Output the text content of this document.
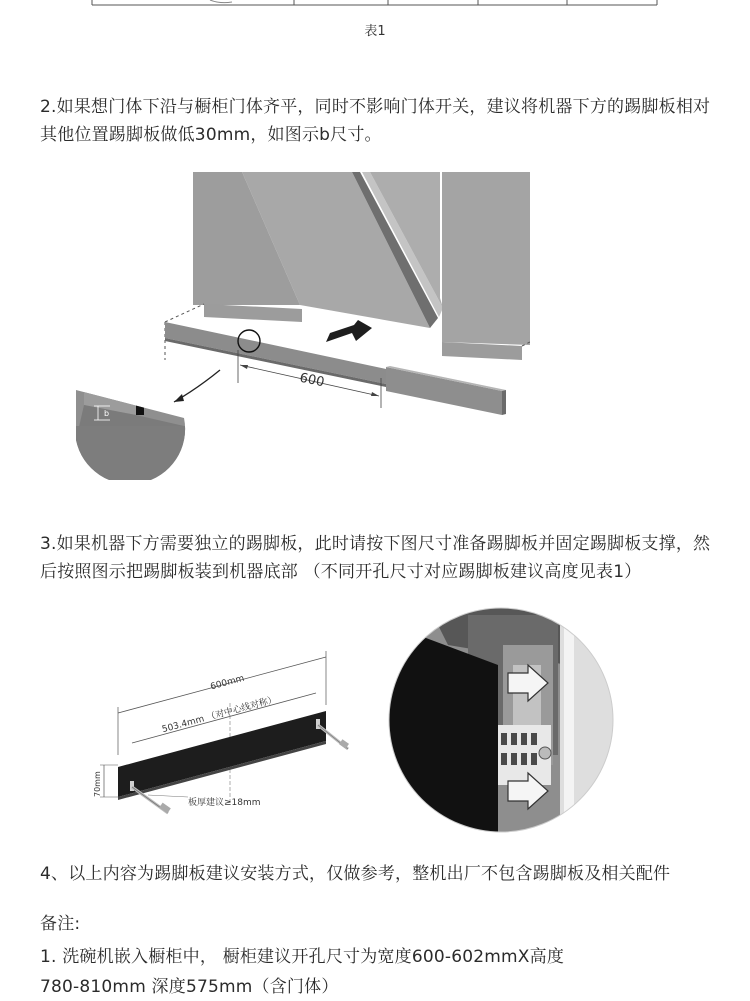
表1
2.如果想门体下沿与橱柜门体齐平，同时不影响门体开关，建议将机器下方的踢脚板相对其他位置踢脚板做低30mm，如图示b尺寸。
600
b
3.如果机器下方需要独立的踢脚板，此时请按下图尺寸准备踢脚板并固定踢脚板支撑，然后按照图示把踢脚板装到机器底部 （不同开孔尺寸对应踢脚板建议高度见表1）
600mm
503.4mm （对中心线对称）
70mm
板厚建议≥18mm
4、以上内容为踢脚板建议安装方式，仅做参考，整机出厂不包含踢脚板及相关配件
备注:
1. 洗碗机嵌入橱柜中， 橱柜建议开孔尺寸为宽度600-602mmX高度
780-810mm 深度575mm（含门体）
